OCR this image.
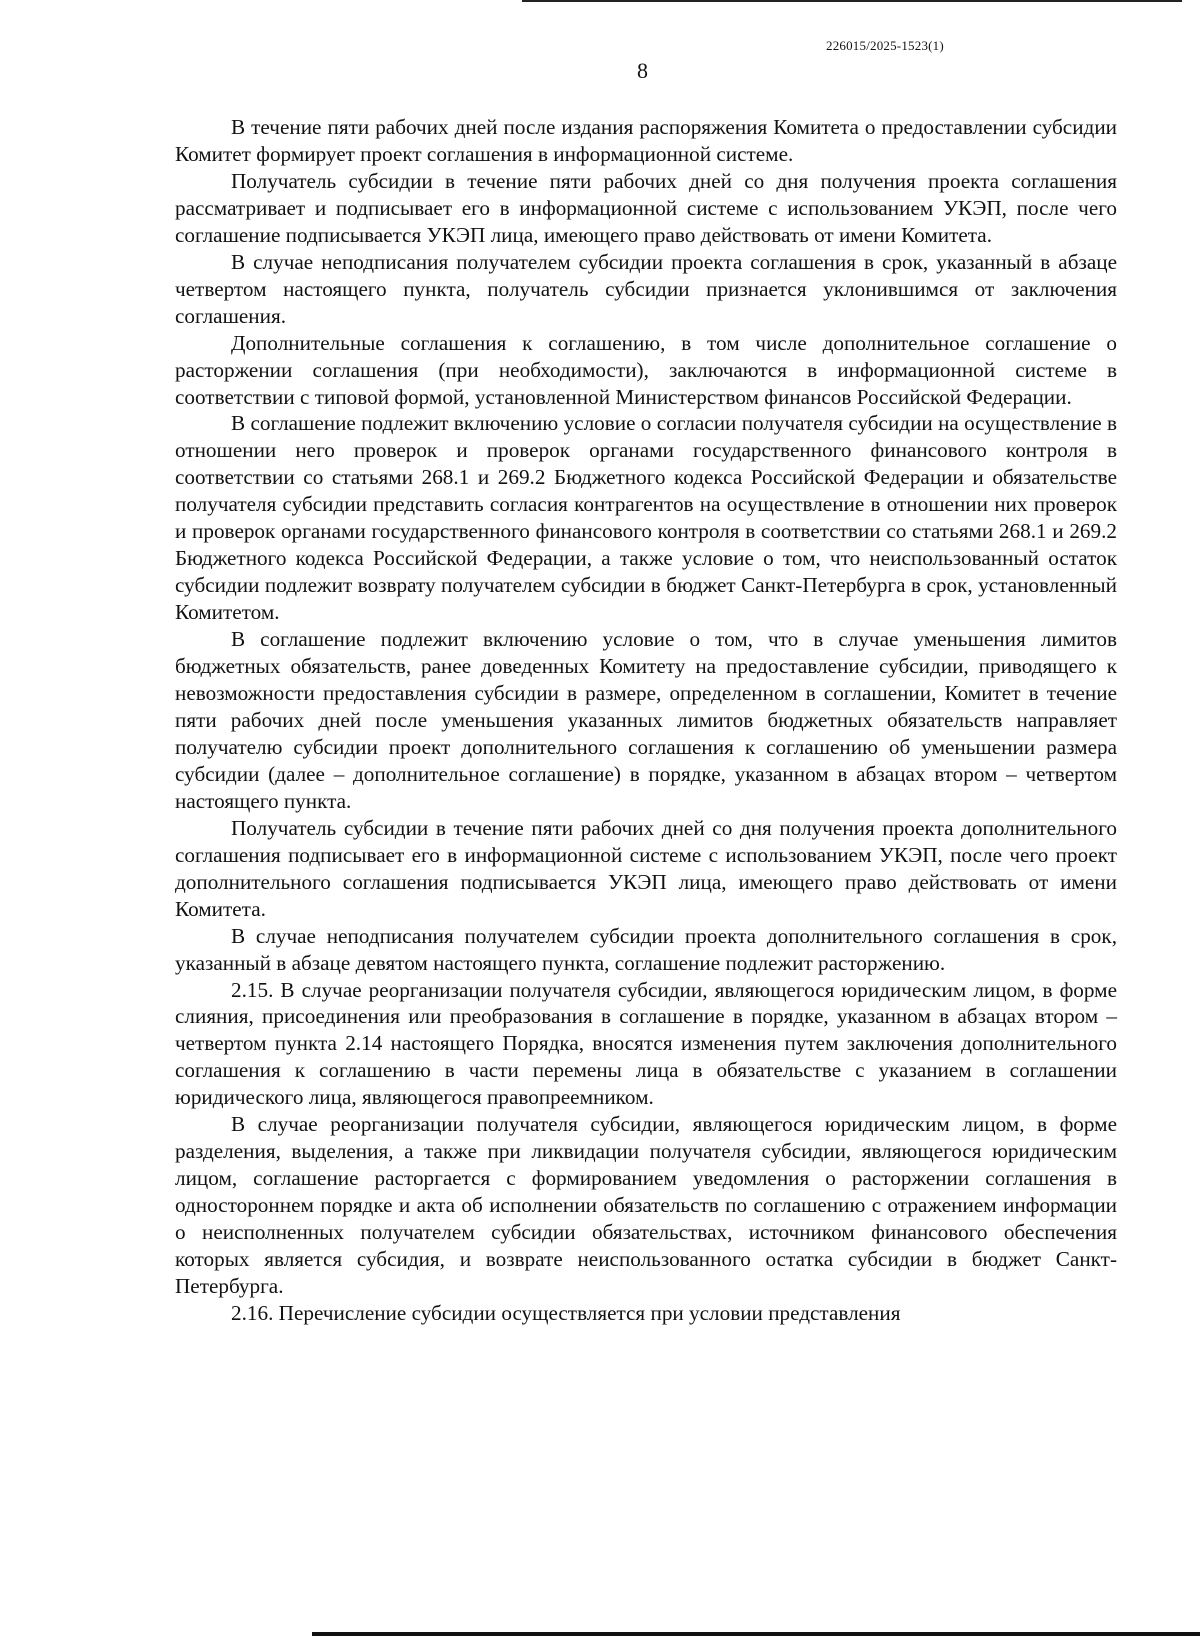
226015/2025-1523(1)
8

В течение пяти рабочих дней после издания распоряжения Комитета о предоставлении субсидии Комитет формирует проект соглашения в информационной системе.

Получатель субсидии в течение пяти рабочих дней со дня получения проекта соглашения рассматривает и подписывает его в информационной системе с использованием УКЭП, после чего соглашение подписывается УКЭП лица, имеющего право действовать от имени Комитета.

В случае неподписания получателем субсидии проекта соглашения в срок, указанный в абзаце четвертом настоящего пункта, получатель субсидии признается уклонившимся от заключения соглашения.

Дополнительные соглашения к соглашению, в том числе дополнительное соглашение о расторжении соглашения (при необходимости), заключаются в информационной системе в соответствии с типовой формой, установленной Министерством финансов Российской Федерации.

В соглашение подлежит включению условие о согласии получателя субсидии на осуществление в отношении него проверок и проверок органами государственного финансового контроля в соответствии со статьями 268.1 и 269.2 Бюджетного кодекса Российской Федерации и обязательстве получателя субсидии представить согласия контрагентов на осуществление в отношении них проверок и проверок органами государственного финансового контроля в соответствии со статьями 268.1 и 269.2 Бюджетного кодекса Российской Федерации, а также условие о том, что неиспользованный остаток субсидии подлежит возврату получателем субсидии в бюджет Санкт-Петербурга в срок, установленный Комитетом.

В соглашение подлежит включению условие о том, что в случае уменьшения лимитов бюджетных обязательств, ранее доведенных Комитету на предоставление субсидии, приводящего к невозможности предоставления субсидии в размере, определенном в соглашении, Комитет в течение пяти рабочих дней после уменьшения указанных лимитов бюджетных обязательств направляет получателю субсидии проект дополнительного соглашения к соглашению об уменьшении размера субсидии (далее – дополнительное соглашение) в порядке, указанном в абзацах втором – четвертом настоящего пункта.

Получатель субсидии в течение пяти рабочих дней со дня получения проекта дополнительного соглашения подписывает его в информационной системе с использованием УКЭП, после чего проект дополнительного соглашения подписывается УКЭП лица, имеющего право действовать от имени Комитета.

В случае неподписания получателем субсидии проекта дополнительного соглашения в срок, указанный в абзаце девятом настоящего пункта, соглашение подлежит расторжению.

2.15. В случае реорганизации получателя субсидии, являющегося юридическим лицом, в форме слияния, присоединения или преобразования в соглашение в порядке, указанном в абзацах втором – четвертом пункта 2.14 настоящего Порядка, вносятся изменения путем заключения дополнительного соглашения к соглашению в части перемены лица в обязательстве с указанием в соглашении юридического лица, являющегося правопреемником.

В случае реорганизации получателя субсидии, являющегося юридическим лицом, в форме разделения, выделения, а также при ликвидации получателя субсидии, являющегося юридическим лицом, соглашение расторгается с формированием уведомления о расторжении соглашения в одностороннем порядке и акта об исполнении обязательств по соглашению с отражением информации о неисполненных получателем субсидии обязательствах, источником финансового обеспечения которых является субсидия, и возврате неиспользованного остатка субсидии в бюджет Санкт-Петербурга.

2.16. Перечисление субсидии осуществляется при условии представления
